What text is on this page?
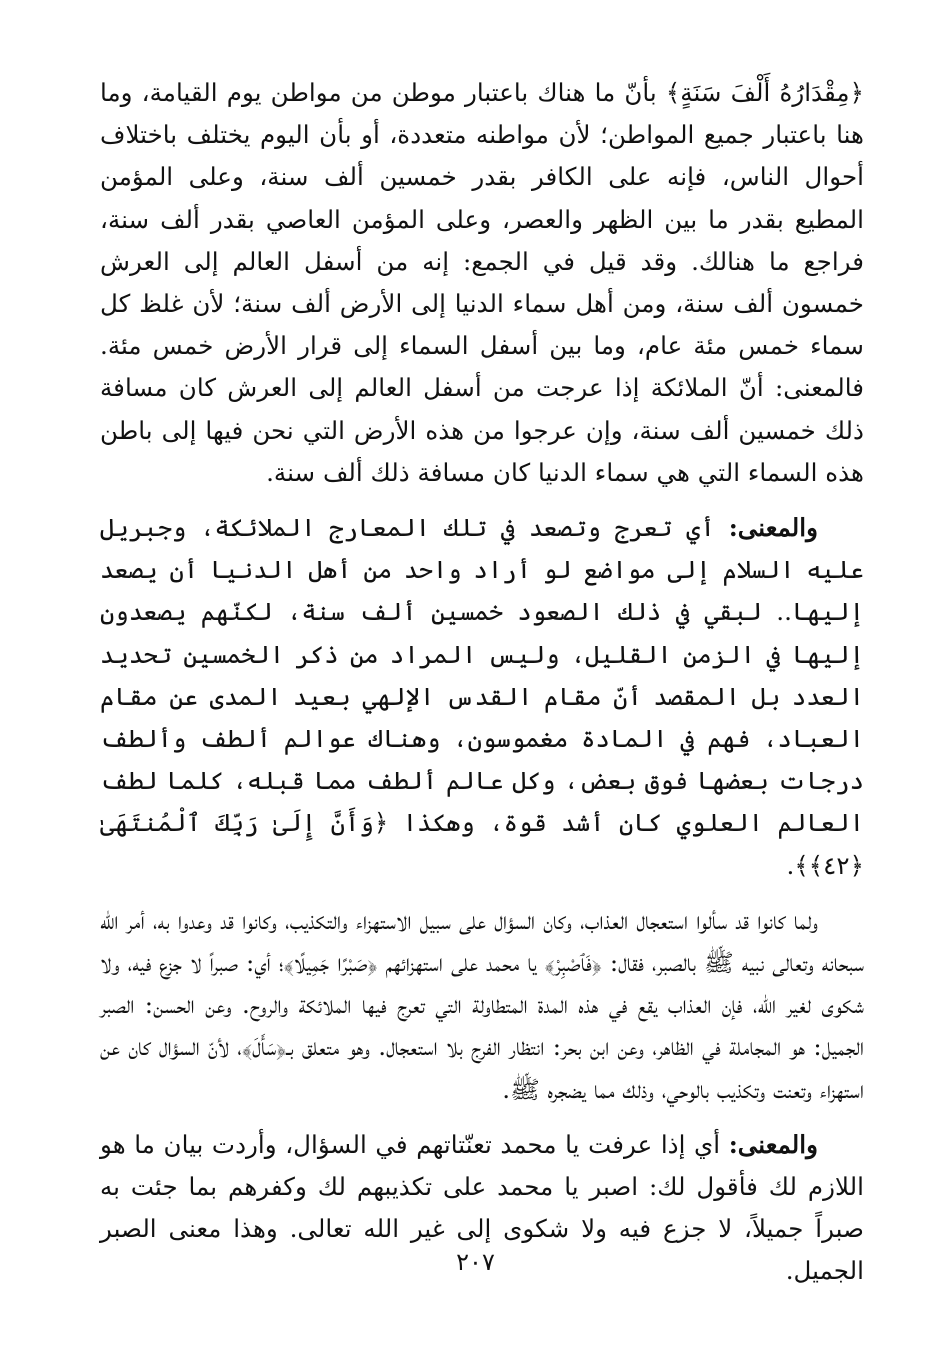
﴿مِقْدَارُهُ أَلْفَ سَنَةٍ﴾ بأنّ ما هناك باعتبار موطن من مواطن يوم القيامة، وما هنا باعتبار جميع المواطن؛ لأن مواطنه متعددة، أو بأن اليوم يختلف باختلاف أحوال الناس، فإنه على الكافر بقدر خمسين ألف سنة، وعلى المؤمن المطيع بقدر ما بين الظهر والعصر، وعلى المؤمن العاصي بقدر ألف سنة، فراجع ما هنالك. وقد قيل في الجمع: إنه من أسفل العالم إلى العرش خمسون ألف سنة، ومن أهل سماء الدنيا إلى الأرض ألف سنة؛ لأن غلظ كل سماء خمس مئة عام، وما بين أسفل السماء إلى قرار الأرض خمس مئة. فالمعنى: أنّ الملائكة إذا عرجت من أسفل العالم إلى العرش كان مسافة ذلك خمسين ألف سنة، وإن عرجوا من هذه الأرض التي نحن فيها إلى باطن هذه السماء التي هي سماء الدنيا كان مسافة ذلك ألف سنة.

والمعنى: أي تعرج وتصعد في تلك المعارج الملائكة، وجبريل عليه السلام إلى مواضع لو أراد واحد من أهل الدنيا أن يصعد إليها.. لبقي في ذلك الصعود خمسين ألف سنة، لكنّهم يصعدون إليها في الزمن القليل، وليس المراد من ذكر الخمسين تحديد العدد بل المقصد أنّ مقام القدس الإلهي بعيد المدى عن مقام العباد، فهم في المادة مغموسون، وهناك عوالم ألطف وألطف درجات بعضها فوق بعض، وكل عالم ألطف مما قبله، كلما لطف العالم العلوي كان أشد قوة، وهكذا ﴿وَأَنَّ إِلَىٰ رَبِّكَ ٱلْمُنتَهَىٰ ﴿٤٢﴾﴾.

ولما كانوا قد سألوا استعجال العذاب، وكان السؤال على سبيل الاستهزاء والتكذيب، وكانوا قد وعدوا به، أمر الله سبحانه وتعالى نبيه ﷺ بالصبر، فقال: ﴿فَٱصْبِرْ﴾ يا محمد على استهزائهم ﴿صَبْرًا جَمِيلًا﴾؛ أي: صبراً لا جزع فيه، ولا شكوى لغير الله، فإن العذاب يقع في هذه المدة المتطاولة التي تعرج فيها الملائكة والروح. وعن الحسن: الصبر الجميل: هو المجاملة في الظاهر، وعن ابن بحر: انتظار الفرج بلا استعجال. وهو متعلق بـ﴿سَأَلَ﴾، لأنّ السؤال كان عن استهزاء وتعنت وتكذيب بالوحي، وذلك مما يضجره ﷺ.

والمعنى: أي إذا عرفت يا محمد تعنّتاتهم في السؤال، وأردت بيان ما هو اللازم لك فأقول لك: اصبر يا محمد على تكذيبهم لك وكفرهم بما جئت به صبراً جميلاً، لا جزع فيه ولا شكوى إلى غير الله تعالى. وهذا معنى الصبر الجميل.

٢٠٧
